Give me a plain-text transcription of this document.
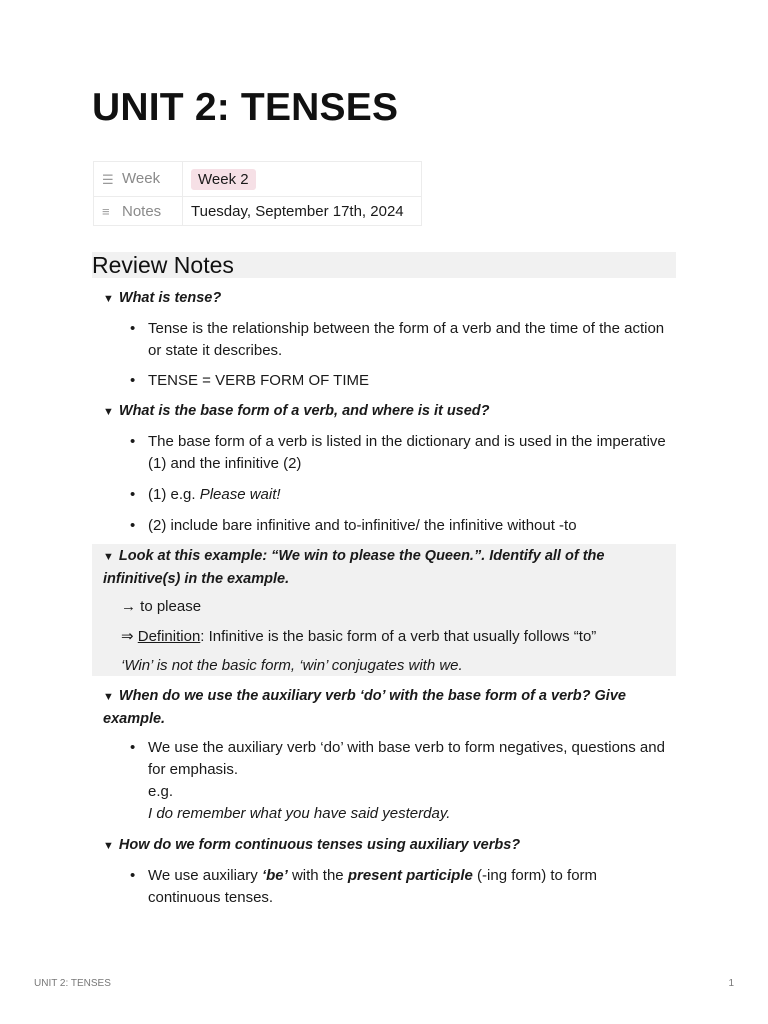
UNIT 2: TENSES
☰ Week	Week 2
≡ Notes	Tuesday, September 17th, 2024
Review Notes
▼ What is tense?
• Tense is the relationship between the form of a verb and the time of the action or state it describes.
• TENSE = VERB FORM OF TIME
▼ What is the base form of a verb, and where is it used?
• The base form of a verb is listed in the dictionary and is used in the imperative (1) and the infinitive (2)
• (1) e.g. Please wait!
• (2) include bare infinitive and to-infinitive/ the infinitive without -to
▼ Look at this example: “We win to please the Queen.”. Identify all of the infinitive(s) in the example.
→ to please
⇒ Definition: Infinitive is the basic form of a verb that usually follows “to”
‘Win’ is not the basic form, ‘win’ conjugates with we.
▼ When do we use the auxiliary verb ‘do’ with the base form of a verb? Give example.
• We use the auxiliary verb ‘do’ with base verb to form negatives, questions and for emphasis.
e.g.
I do remember what you have said yesterday.
▼ How do we form continuous tenses using auxiliary verbs?
• We use auxiliary ‘be’ with the present participle (-ing form) to form continuous tenses.
UNIT 2: TENSES	1
